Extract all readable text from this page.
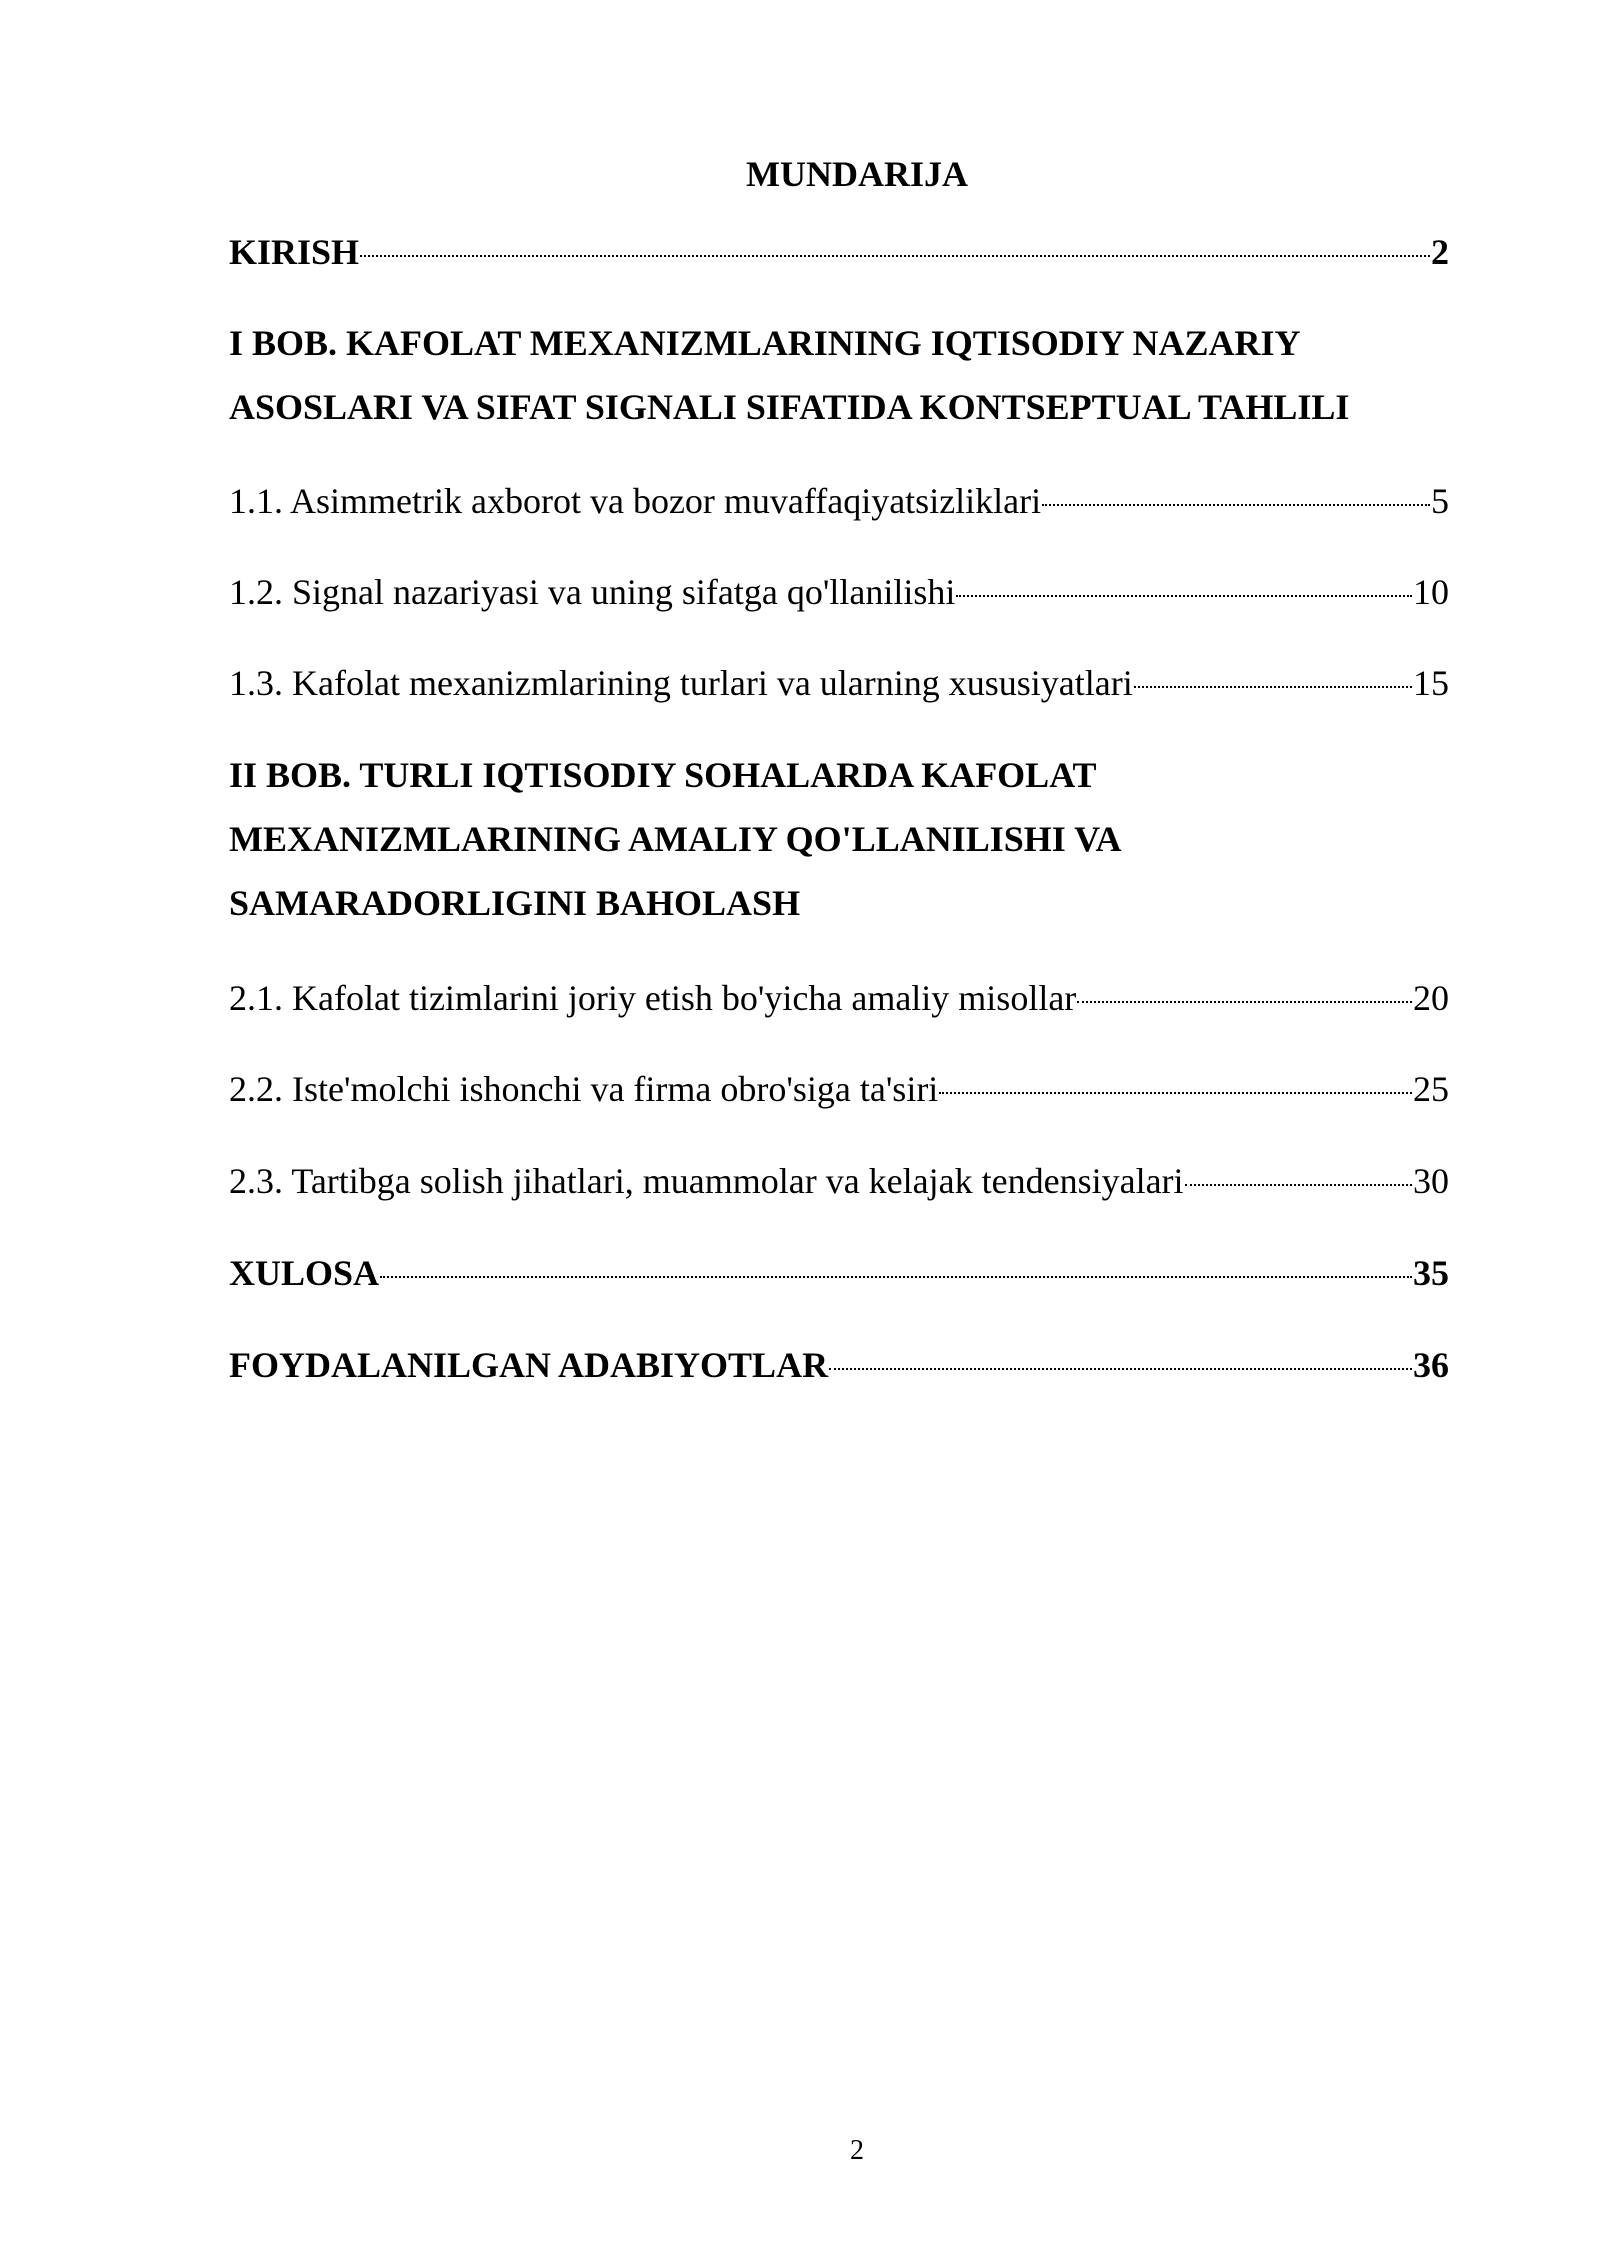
MUNDARIJA
KIRISH	2
I BOB. KAFOLAT MEXANIZMLARINING IQTISODIY NAZARIY
ASOSLARI VA SIFAT SIGNALI SIFATIDA KONTSEPTUAL TAHLILI
1.1. Asimmetrik axborot va bozor muvaffaqiyatsizliklari	5
1.2. Signal nazariyasi va uning sifatga qo'llanilishi	10
1.3. Kafolat mexanizmlarining turlari va ularning xususiyatlari	15
II BOB. TURLI IQTISODIY SOHALARDA KAFOLAT
MEXANIZMLARINING AMALIY QO'LLANILISHI VA
SAMARADORLIGINI BAHOLASH
2.1. Kafolat tizimlarini joriy etish bo'yicha amaliy misollar	20
2.2. Iste'molchi ishonchi va firma obro'siga ta'siri	25
2.3. Tartibga solish jihatlari, muammolar va kelajak tendensiyalari	30
XULOSA	35
FOYDALANILGAN ADABIYOTLAR	36
2
